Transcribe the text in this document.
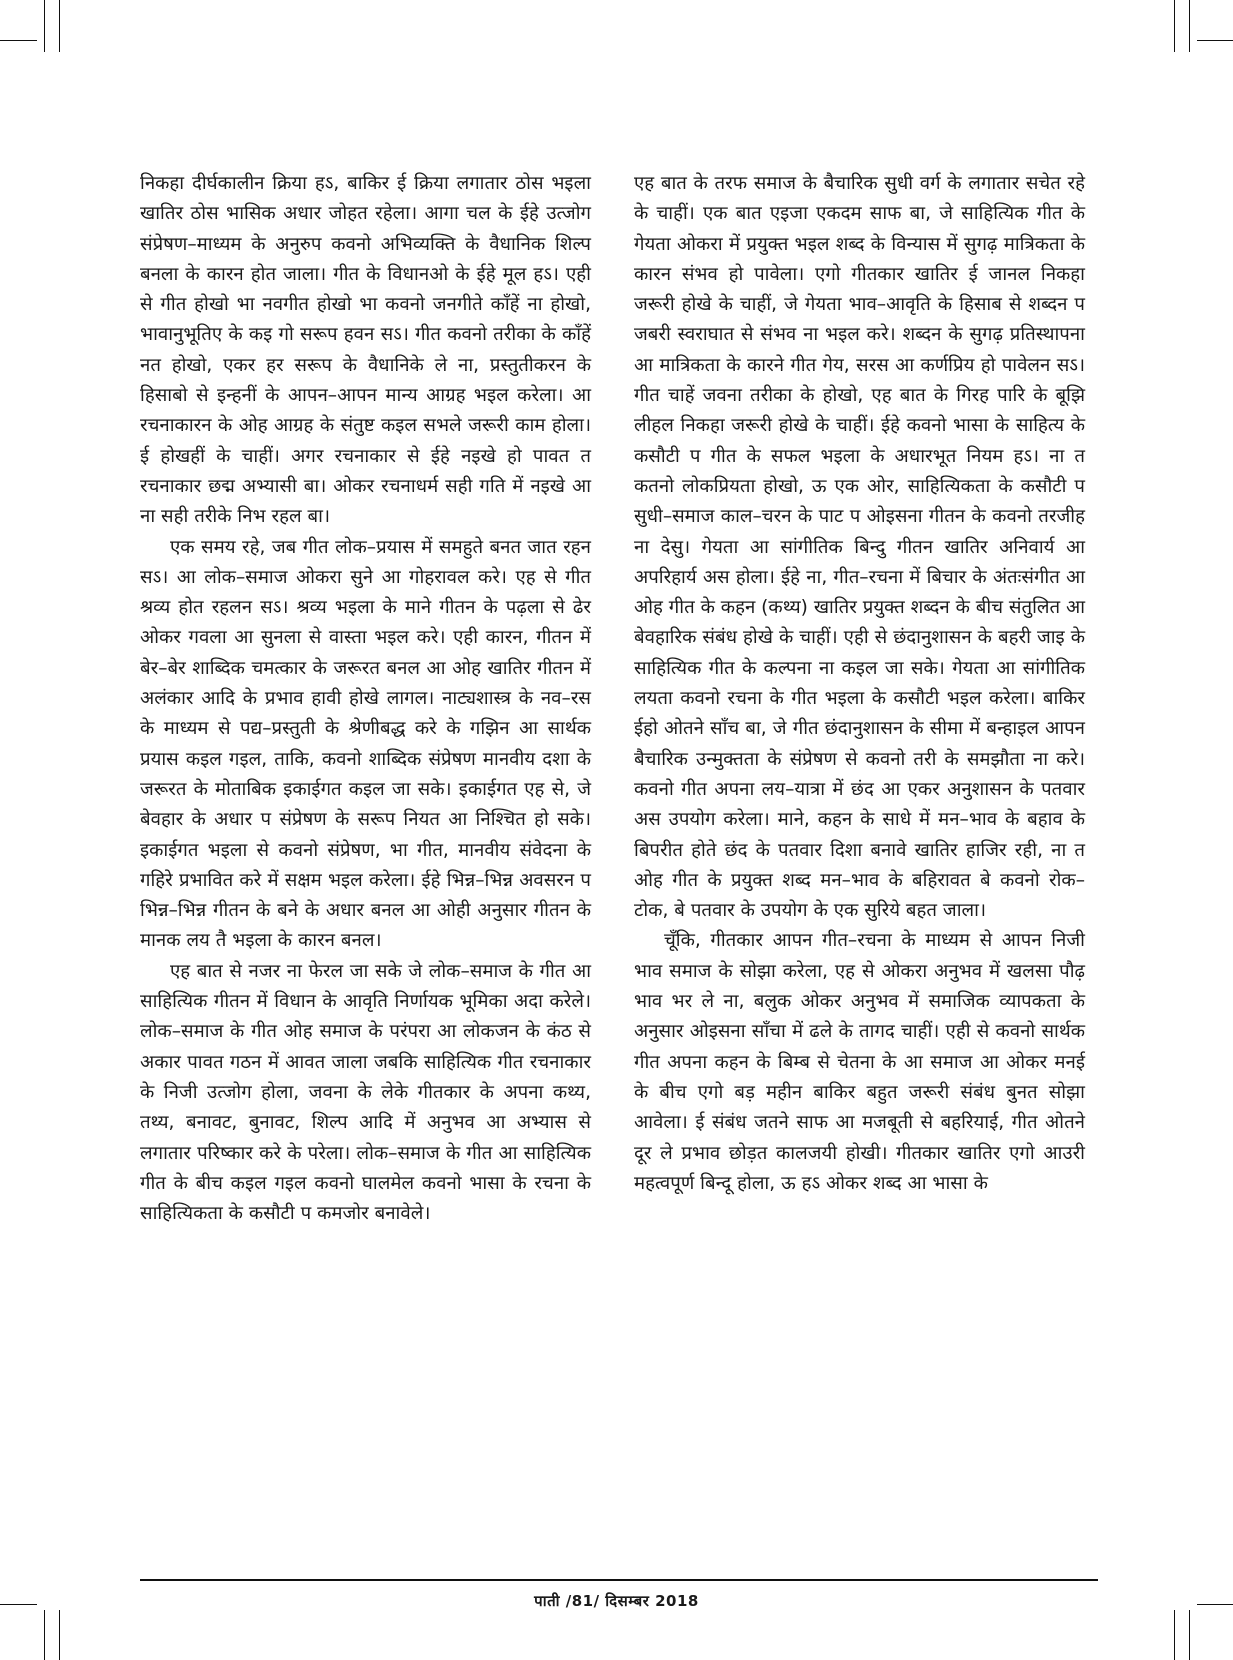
निकहा दीर्घकालीन क्रिया हऽ, बाकिर ई क्रिया लगातार ठोस भइला खातिर ठोस भासिक अधार जोहत रहेला। आगा चल के ईहे उत्जोग संप्रेषण–माध्यम के अनुरुप कवनो अभिव्यक्ति के वैधानिक शिल्प बनला के कारन होत जाला। गीत के विधानओ के ईहे मूल हऽ। एही से गीत होखो भा नवगीत होखो भा कवनो जनगीते काँहें ना होखो, भावानुभूतिए के कइ गो सरूप हवन सऽ। गीत कवनो तरीका के काँहें नत होखो, एकर हर सरूप के वैधानिके ले ना, प्रस्तुतीकरन के हिसाबो से इन्हनीं के आपन–आपन मान्य आग्रह भइल करेला। आ रचनाकारन के ओह आग्रह के संतुष्ट कइल सभले जरूरी काम होला। ई होखहीं के चाहीं। अगर रचनाकार से ईहे नइखे हो पावत त रचनाकार छद्म अभ्यासी बा। ओकर रचनाधर्म सही गति में नइखे आ ना सही तरीके निभ रहल बा।

एक समय रहे, जब गीत लोक–प्रयास में समहुते बनत जात रहन सऽ। आ लोक–समाज ओकरा सुने आ गोहरावल करे। एह से गीत श्रव्य होत रहलन सऽ। श्रव्य भइला के माने गीतन के पढ़ला से ढेर ओकर गवला आ सुनला से वास्ता भइल करे। एही कारन, गीतन में बेर–बेर शाब्दिक चमत्कार के जरूरत बनल आ ओह खातिर गीतन में अलंकार आदि के प्रभाव हावी होखे लागल। नाट्यशास्त्र के नव–रस के माध्यम से पद्य–प्रस्तुती के श्रेणीबद्ध करे के गझिन आ सार्थक प्रयास कइल गइल, ताकि, कवनो शाब्दिक संप्रेषण मानवीय दशा के जरूरत के मोताबिक इकाईगत कइल जा सके। इकाईगत एह से, जे बेवहार के अधार प संप्रेषण के सरूप नियत आ निश्चित हो सके। इकाईगत भइला से कवनो संप्रेषण, भा गीत, मानवीय संवेदना के गहिरे प्रभावित करे में सक्षम भइल करेला। ईहे भिन्न–भिन्न अवसरन प भिन्न–भिन्न गीतन के बने के अधार बनल आ ओही अनुसार गीतन के मानक लय तै भइला के कारन बनल।

एह बात से नजर ना फेरल जा सके जे लोक–समाज के गीत आ साहित्यिक गीतन में विधान के आवृति निर्णायक भूमिका अदा करेले। लोक–समाज के गीत ओह समाज के परंपरा आ लोकजन के कंठ से अकार पावत गठन में आवत जाला जबकि साहित्यिक गीत रचनाकार के निजी उत्जोग होला, जवना के लेके गीतकार के अपना कथ्य, तथ्य, बनावट, बुनावट, शिल्प आदि में अनुभव आ अभ्यास से लगातार परिष्कार करे के परेला। लोक–समाज के गीत आ साहित्यिक गीत के बीच कइल गइल कवनो घालमेल कवनो भासा के रचना के साहित्यिकता के कसौटी प कमजोर बनावेले।

एह बात के तरफ समाज के बैचारिक सुधी वर्ग के लगातार सचेत रहे के चाहीं। एक बात एइजा एकदम साफ बा, जे साहित्यिक गीत के गेयता ओकरा में प्रयुक्त भइल शब्द के विन्यास में सुगढ़ मात्रिकता के कारन संभव हो पावेला। एगो गीतकार खातिर ई जानल निकहा जरूरी होखे के चाहीं, जे गेयता भाव–आवृति के हिसाब से शब्दन प जबरी स्वराघात से संभव ना भइल करे। शब्दन के सुगढ़ प्रतिस्थापना आ मात्रिकता के कारने गीत गेय, सरस आ कर्णप्रिय हो पावेलन सऽ। गीत चाहें जवना तरीका के होखो, एह बात के गिरह पारि के बूझि लीहल निकहा जरूरी होखे के चाहीं। ईहे कवनो भासा के साहित्य के कसौटी प गीत के सफल भइला के अधारभूत नियम हऽ। ना त कतनो लोकप्रियता होखो, ऊ एक ओर, साहित्यिकता के कसौटी प सुधी–समाज काल–चरन के पाट प ओइसना गीतन के कवनो तरजीह ना देसु। गेयता आ सांगीतिक बिन्दु गीतन खातिर अनिवार्य आ अपरिहार्य अस होला। ईहे ना, गीत–रचना में बिचार के अंतःसंगीत आ ओह गीत के कहन (कथ्य) खातिर प्रयुक्त शब्दन के बीच संतुलित आ बेवहारिक संबंध होखे के चाहीं। एही से छंदानुशासन के बहरी जाइ के साहित्यिक गीत के कल्पना ना कइल जा सके। गेयता आ सांगीतिक लयता कवनो रचना के गीत भइला के कसौटी भइल करेला। बाकिर ईहो ओतने साँच बा, जे गीत छंदानुशासन के सीमा में बन्हाइल आपन बैचारिक उन्मुक्तता के संप्रेषण से कवनो तरी के समझौता ना करे। कवनो गीत अपना लय–यात्रा में छंद आ एकर अनुशासन के पतवार अस उपयोग करेला। माने, कहन के साधे में मन–भाव के बहाव के बिपरीत होते छंद के पतवार दिशा बनावे खातिर हाजिर रही, ना त ओह गीत के प्रयुक्त शब्द मन–भाव के बहिरावत बे कवनो रोक–टोक, बे पतवार के उपयोग के एक सुरिये बहत जाला।

चूँकि, गीतकार आपन गीत–रचना के माध्यम से आपन निजी भाव समाज के सोझा करेला, एह से ओकरा अनुभव में खलसा पौढ़ भाव भर ले ना, बलुक ओकर अनुभव में समाजिक व्यापकता के अनुसार ओइसना साँचा में ढले के तागद चाहीं। एही से कवनो सार्थक गीत अपना कहन के बिम्ब से चेतना के आ समाज आ ओकर मनई के बीच एगो बड़ महीन बाकिर बहुत जरूरी संबंध बुनत सोझा आवेला। ई संबंध जतने साफ आ मजबूती से बहरियाई, गीत ओतने दूर ले प्रभाव छोड़त कालजयी होखी। गीतकार खातिर एगो आउरी महत्वपूर्ण बिन्दू होला, ऊ हऽ ओकर शब्द आ भासा के

पाती /81/ दिसम्बर 2018
